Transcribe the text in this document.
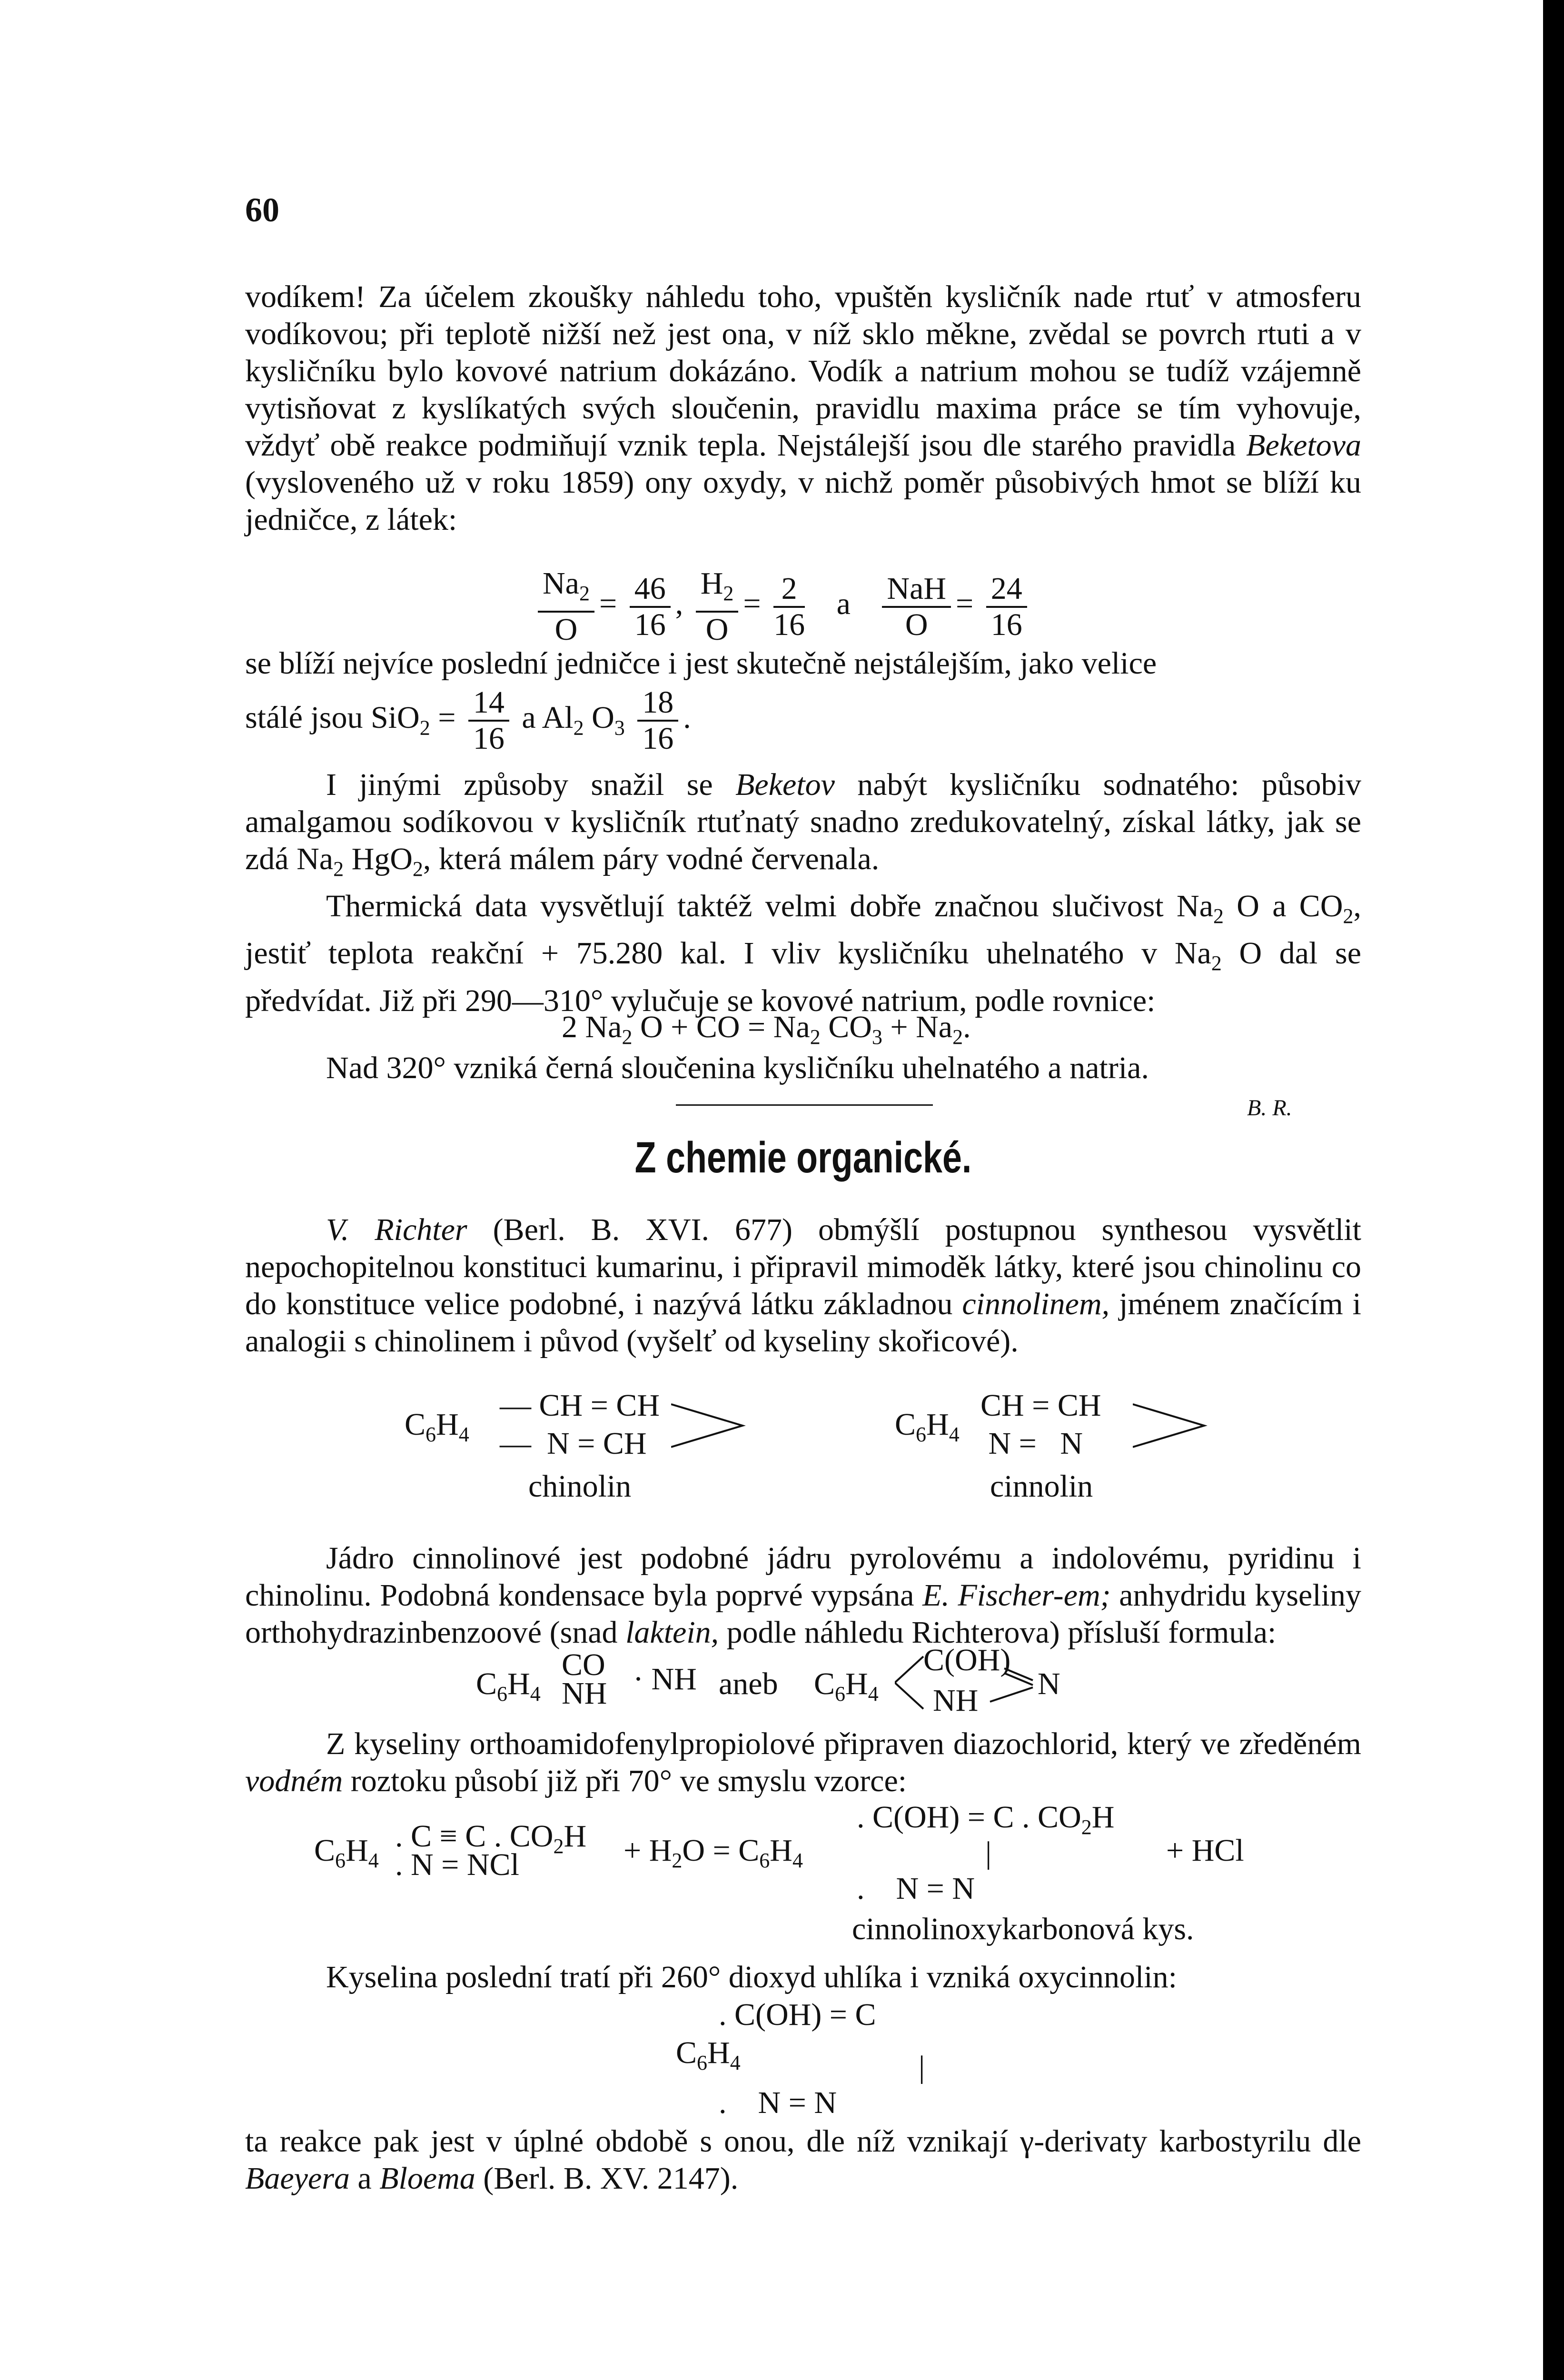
60

vodíkem! Za účelem zkoušky náhledu toho, vpuštěn kysličník nade rtuť v atmosferu vodíkovou; při teplotě nižší než jest ona, v níž sklo měkne, zvědal se povrch rtuti a v kysličníku bylo kovové natrium dokázáno. Vodík a natrium mohou se tudíž vzájemně vytisňovat z kyslíkatých svých sloučenin, pravidlu maxima práce se tím vyhovuje, vždyť obě reakce podmiňují vznik tepla. Nejstálejší jsou dle starého pravidla Beketova (vysloveného už v roku 1859) ony oxydy, v nichž poměr působivých hmot se blíží ku jedničce, z látek:

$\frac{Na_2}{O} = \frac{46}{16}$ , $\frac{H_2}{O} = \frac{2}{16}$ a $\frac{\text{NaH}}{O} = \frac{24}{16}$

se blíží nejvíce poslední jedničce i jest skutečně nejstálejším, jako velice

stálé jsou $SiO_2 = \frac{14}{16}$ a $Al_2$ $O_3 \frac{18}{16}$ .

I jinými způsoby snažil se Beketov nabýt kysličníku sodnatého: působiv amalgamou sodíkovou v kysličník rtuťnatý snadno zredukovatelný, získal látky, jak se zdá $Na_2$ HgO$_2$, která málem páry vodné červenala.

Thermická data vysvětlují taktéž velmi dobře značnou slučivost $Na_2$ O a $CO_2$, jestiť teplota reakční + 75.280 kal. I vliv kysličníku uhelnatého v $Na_2$ O dal se předvídat. Již při 290—310° vylučuje se kovové natrium, podle rovnice:

2 $Na_2$ O + CO = $Na_2$ $CO_3 + Na_2$.

Nad 320° vzniká černá sloučenina kysličníku uhelnatého a natria.

B. R.
Z chemie organické.

V. Richter (Berl. B. XVI. 677) obmýšlí postupnou synthesou vysvětlit nepochopitelnou konstituci kumarinu, i připravil mimoděk látky, které jsou chinolinu co do konstituce velice podobné, i nazývá látku základnou cinnolinem, jménem značícím i analogii s chinolinem i původ (vyšelť od kyseliny skořicové).

$C_6H_4$
— CH = CH
—  N = CH
chinolin
$C_6H_4$
CH = CH
N =   N
cinnolin

Jádro cinnolinové jest podobné jádru pyrolovému a indolovému, pyridinu i chinolinu. Podobná kondensace byla poprvé vypsána E. Fischer-em; anhydridu kyseliny orthohydrazinbenzoové (snad laktein, podle náhledu Richterova) přísluší formula:

$C_6H_4$
CO
NH · NH aneb $C_6H_4$
C(OH)
NH N

Z kyseliny orthoamidofenylpropiolové připraven diazochlorid, který ve zředěném vodném roztoku působí již při 70° ve smyslu vzorce:

$C_6H_4$
. C ≡ C . $CO_2H$
. N = NCl	+ $H_2O = C_6H_4$
. C(OH) = C . $CO_2H$
|
.    N = N
+ HCl
cinnolinoxykarbonová kys.

Kyselina poslední tratí při 260° dioxyd uhlíka i vzniká oxycinnolin:

. C(OH) = C
$C_6H_4$	|
.    N = N

ta reakce pak jest v úplné obdobě s onou, dle níž vznikají γ-derivaty karbostyrilu dle Baeyera a Bloema (Berl. B. XV. 2147).
